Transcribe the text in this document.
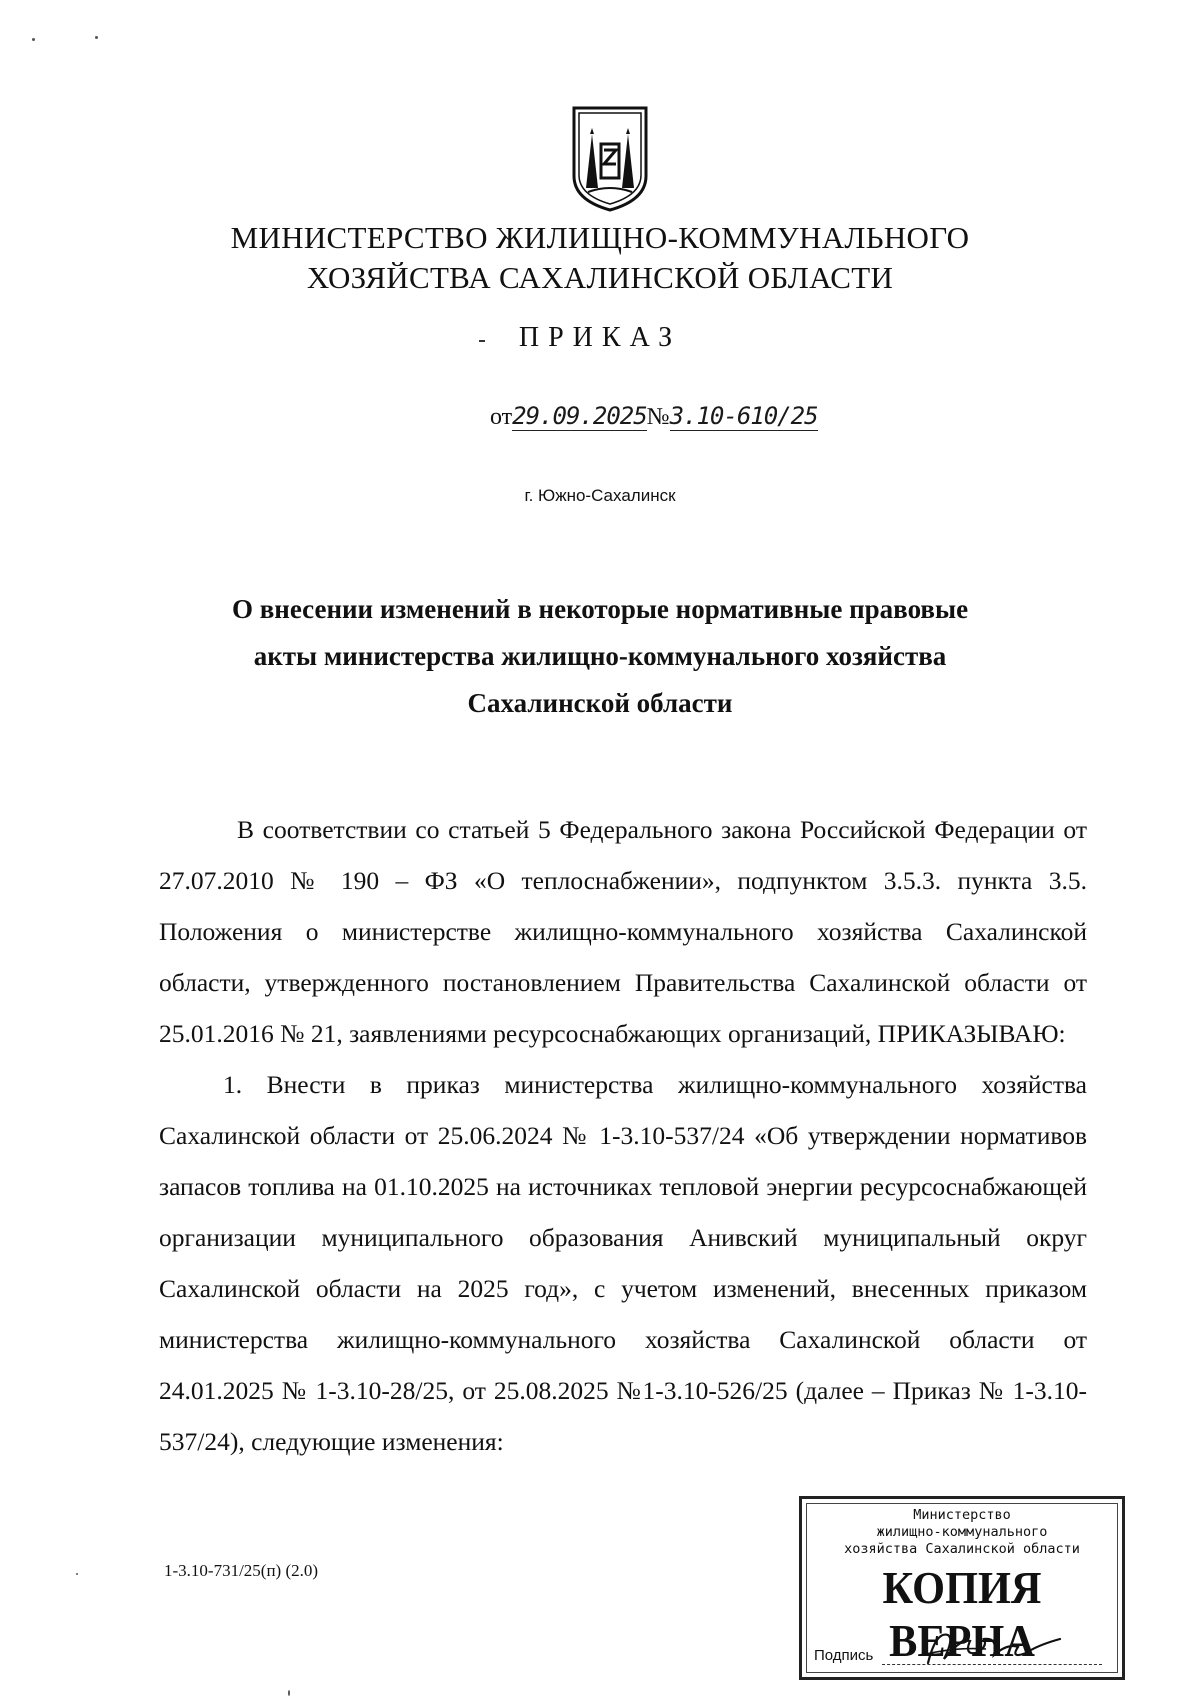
МИНИСТЕРСТВО ЖИЛИЩНО-КОММУНАЛЬНОГО
ХОЗЯЙСТВА САХАЛИНСКОЙ ОБЛАСТИ
ПРИКАЗ
от 29.09.2025 № 3.10-610/25
г. Южно-Сахалинск
О внесении изменений в некоторые нормативные правовые
акты министерства жилищно-коммунального хозяйства
Сахалинской области

В соответствии со статьей 5 Федерального закона Российской Федерации от 27.07.2010 № 190 – ФЗ «О теплоснабжении», подпунктом 3.5.3. пункта 3.5. Положения о министерстве жилищно-коммунального хозяйства Сахалинской области, утвержденного постановлением Правительства Сахалинской области от 25.01.2016 № 21, заявлениями ресурсоснабжающих организаций, ПРИКАЗЫВАЮ:

1. Внести в приказ министерства жилищно-коммунального хозяйства Сахалинской области от 25.06.2024 № 1-3.10-537/24 «Об утверждении нормативов запасов топлива на 01.10.2025 на источниках тепловой энергии ресурсоснабжающей организации муниципального образования Анивский муниципальный округ Сахалинской области на 2025 год», с учетом изменений, внесенных приказом министерства жилищно-коммунального хозяйства Сахалинской области от 24.01.2025 № 1-3.10-28/25, от 25.08.2025 №1-3.10-526/25 (далее – Приказ № 1-3.10-537/24), следующие изменения:

1-3.10-731/25(п) (2.0)
Министерство
жилищно-коммунального
хозяйства Сахалинской области
КОПИЯ ВЕРНА
Подпись
